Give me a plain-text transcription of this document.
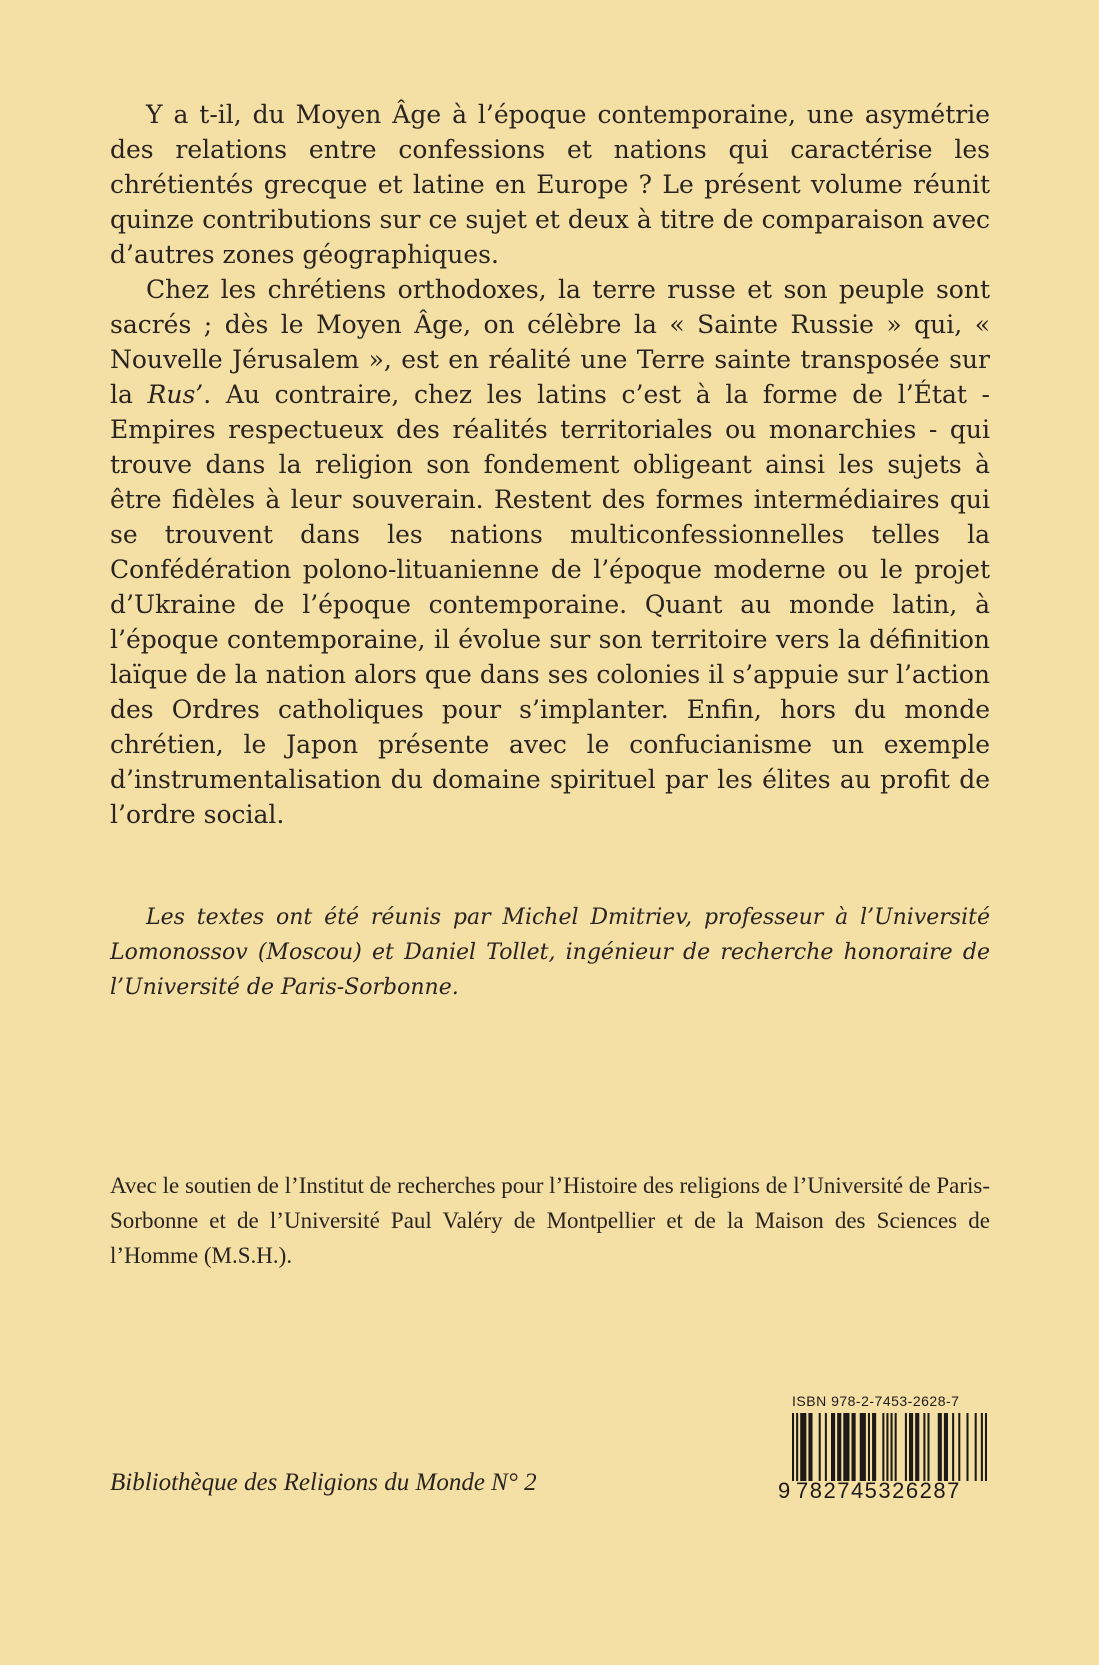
Y a t-il, du Moyen Âge à l’époque contemporaine, une asymétrie des relations entre confessions et nations qui caractérise les chrétientés grecque et latine en Europe ? Le présent volume réunit quinze contributions sur ce sujet et deux à titre de comparaison avec d’autres zones géographiques.

Chez les chrétiens orthodoxes, la terre russe et son peuple sont sacrés ; dès le Moyen Âge, on célèbre la « Sainte Russie » qui, « Nouvelle Jérusalem », est en réalité une Terre sainte transposée sur la Rus’. Au contraire, chez les latins c’est à la forme de l’État - Empires respectueux des réalités territoriales ou monarchies - qui trouve dans la religion son fondement obligeant ainsi les sujets à être fidèles à leur souverain. Restent des formes intermédiaires qui se trouvent dans les nations multiconfessionnelles telles la Confédération polono-lituanienne de l’époque moderne ou le projet d’Ukraine de l’époque contemporaine. Quant au monde latin, à l’époque contemporaine, il évolue sur son territoire vers la définition laïque de la nation alors que dans ses colonies il s’appuie sur l’action des Ordres catholiques pour s’implanter. Enfin, hors du monde chrétien, le Japon présente avec le confucianisme un exemple d’instrumentalisation du domaine spirituel par les élites au profit de l’ordre social.

Les textes ont été réunis par Michel Dmitriev, professeur à l’Université Lomonossov (Moscou) et Daniel Tollet, ingénieur de recherche honoraire de l’Université de Paris-Sorbonne.

Avec le soutien de l’Institut de recherches pour l’Histoire des religions de l’Université de Paris-Sorbonne et de l’Université Paul Valéry de Montpellier et de la Maison des Sciences de l’Homme (M.S.H.).

Bibliothèque des Religions du Monde N° 2

ISBN 978-2-7453-2628-7
9 782745326287
